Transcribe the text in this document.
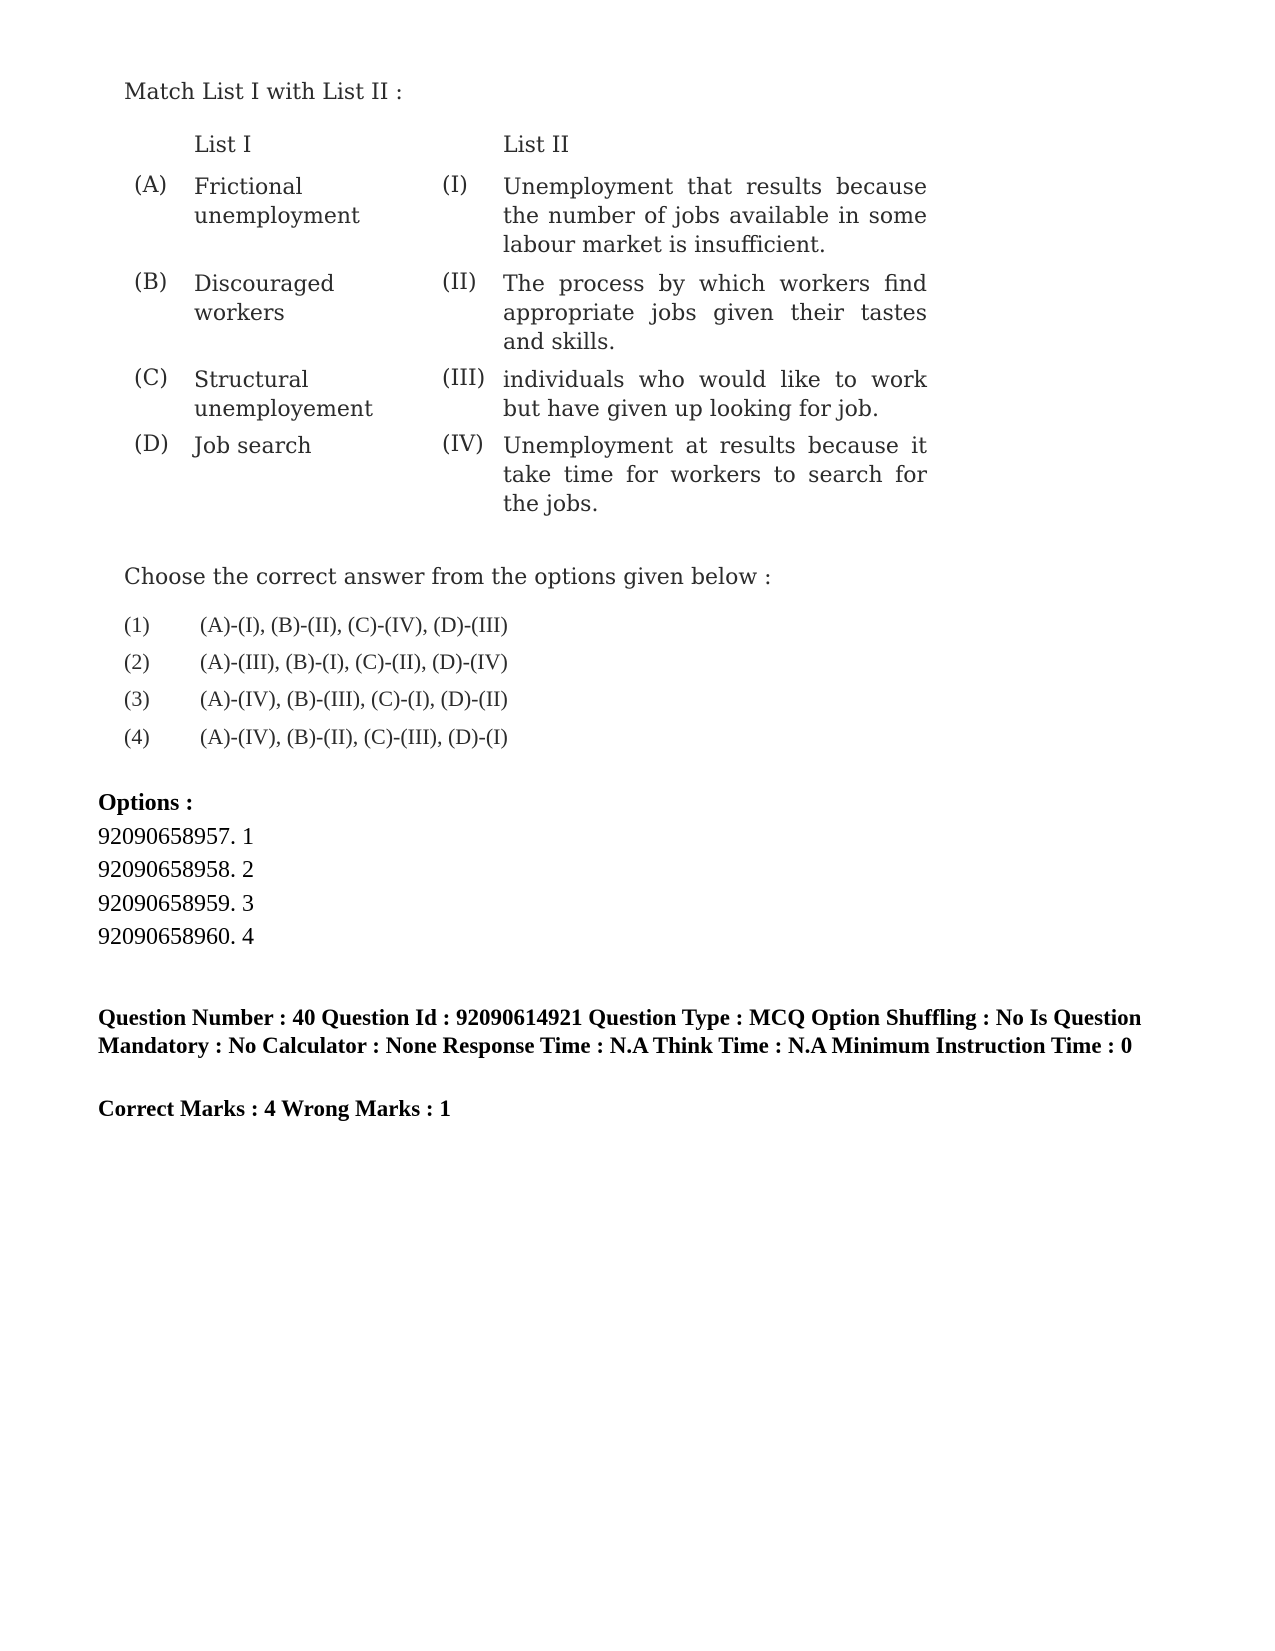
Match List I with List II :
List I	List II
(A) Frictional unemployment
(I) Unemployment that results because the number of jobs available in some labour market is insufficient.
(B) Discouraged workers
(II) The process by which workers find appropriate jobs given their tastes and skills.
(C) Structural unemployement
(III) individuals who would like to work but have given up looking for job.
(D) Job search	(IV) Unemployment at results because it take time for workers to search for the jobs.
Choose the correct answer from the options given below :
(1) (A)-(I), (B)-(II), (C)-(IV), (D)-(III)
(2) (A)-(III), (B)-(I), (C)-(II), (D)-(IV)
(3) (A)-(IV), (B)-(III), (C)-(I), (D)-(II)
(4) (A)-(IV), (B)-(II), (C)-(III), (D)-(I)
Options :
92090658957. 1
92090658958. 2
92090658959. 3
92090658960. 4
Question Number : 40 Question Id : 92090614921 Question Type : MCQ Option Shuffling : No Is Question Mandatory : No Calculator : None Response Time : N.A Think Time : N.A Minimum Instruction Time : 0
Correct Marks : 4 Wrong Marks : 1
